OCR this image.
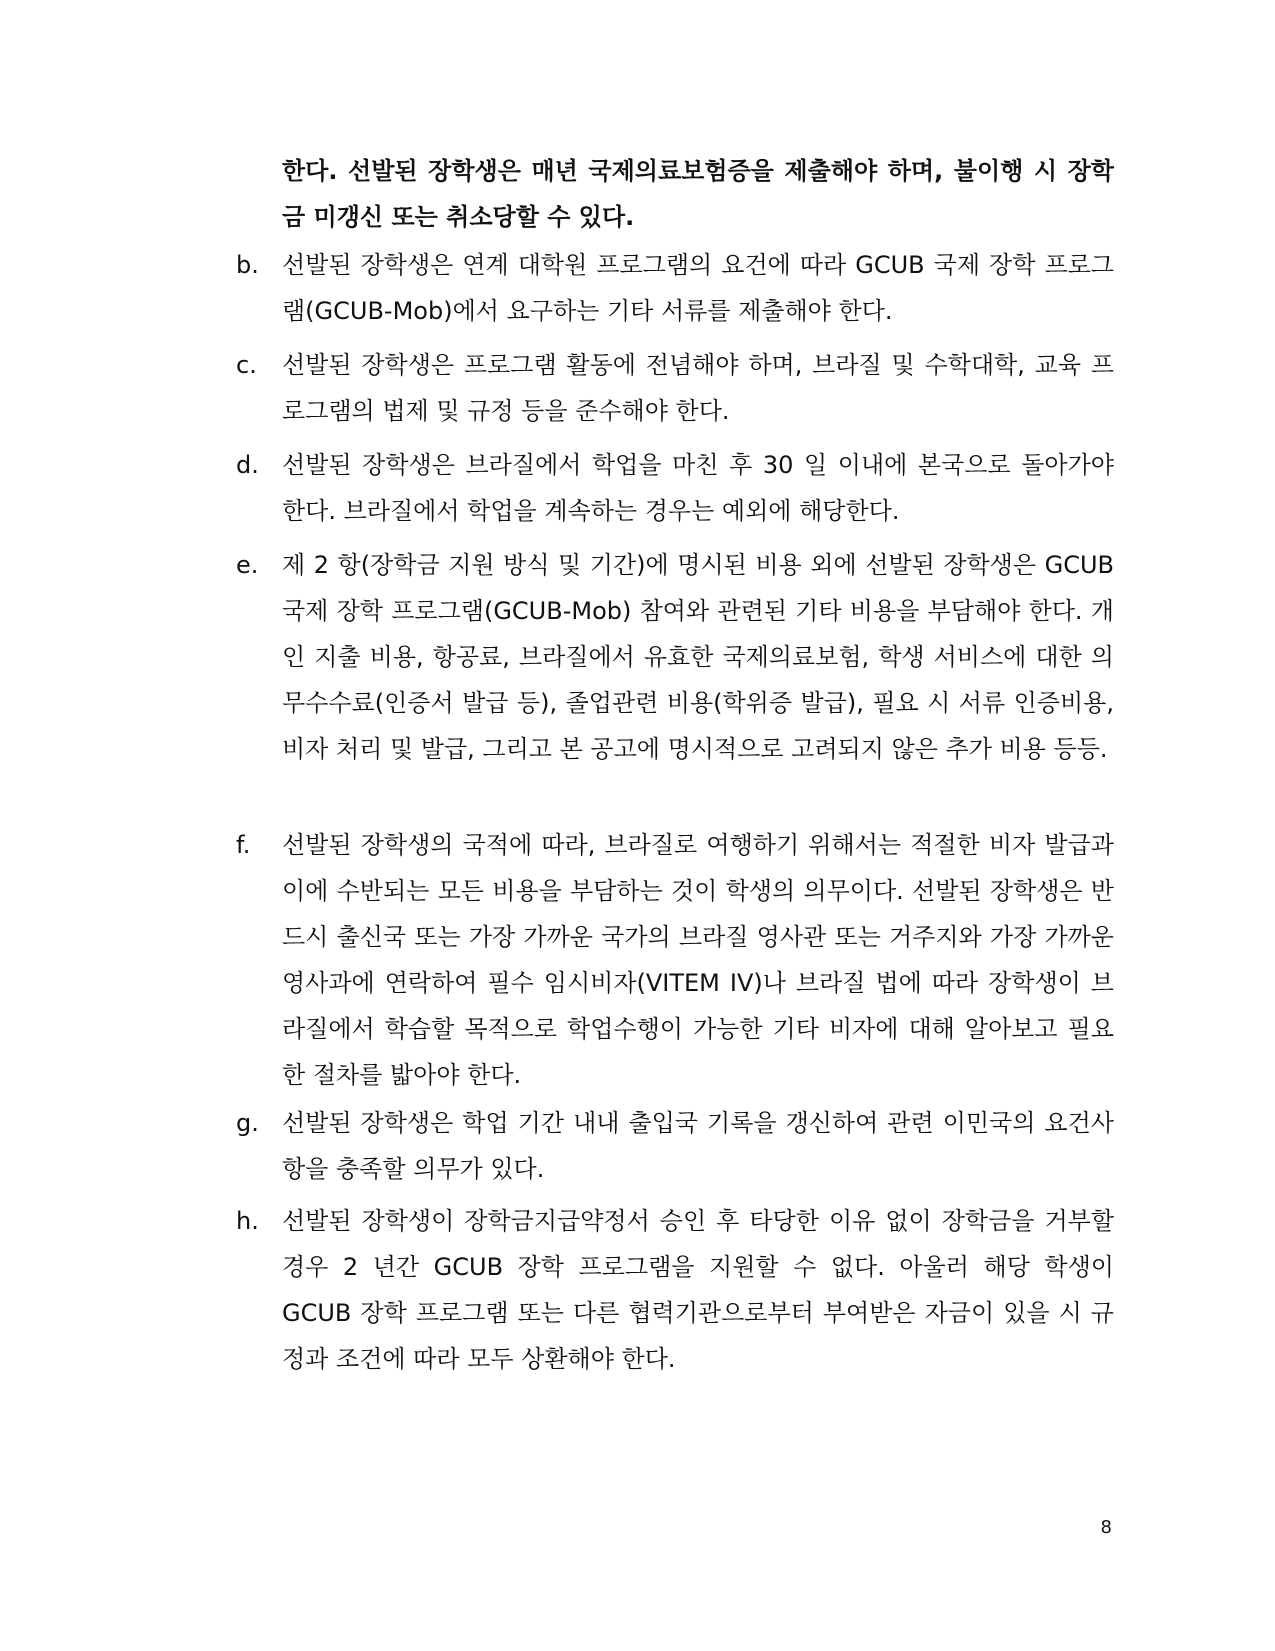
한다. 선발된 장학생은 매년 국제의료보험증을 제출해야 하며, 불이행 시 장학금 미갱신 또는 취소당할 수 있다.
b. 선발된 장학생은 연계 대학원 프로그램의 요건에 따라 GCUB 국제 장학 프로그램(GCUB-Mob)에서 요구하는 기타 서류를 제출해야 한다.
c.	선발된 장학생은 프로그램 활동에 전념해야 하며, 브라질 및 수학대학, 교육 프로그램의 법제 및 규정 등을 준수해야 한다.
d. 선발된 장학생은 브라질에서 학업을 마친 후 30 일 이내에 본국으로 돌아가야 한다. 브라질에서 학업을 계속하는 경우는 예외에 해당한다.
e. 제 2 항(장학금 지원 방식 및 기간)에 명시된 비용 외에 선발된 장학생은 GCUB 국제 장학 프로그램(GCUB-Mob) 참여와 관련된 기타 비용을 부담해야 한다. 개인 지출 비용, 항공료, 브라질에서 유효한 국제의료보험, 학생 서비스에 대한 의무수수료(인증서 발급 등), 졸업관련 비용(학위증 발급), 필요 시 서류 인증비용, 비자 처리 및 발급, 그리고 본 공고에 명시적으로 고려되지 않은 추가 비용 등등.
f.	선발된 장학생의 국적에 따라, 브라질로 여행하기 위해서는 적절한 비자 발급과 이에 수반되는 모든 비용을 부담하는 것이 학생의 의무이다. 선발된 장학생은 반드시 출신국 또는 가장 가까운 국가의 브라질 영사관 또는 거주지와 가장 가까운 영사과에 연락하여 필수 임시비자(VITEM IV)나 브라질 법에 따라 장학생이 브라질에서 학습할 목적으로 학업수행이 가능한 기타 비자에 대해 알아보고 필요한 절차를 밟아야 한다.
g. 선발된 장학생은 학업 기간 내내 출입국 기록을 갱신하여 관련 이민국의 요건사항을 충족할 의무가 있다.
h. 선발된 장학생이 장학금지급약정서 승인 후 타당한 이유 없이 장학금을 거부할 경우 2 년간 GCUB 장학 프로그램을 지원할 수 없다. 아울러 해당 학생이 GCUB 장학 프로그램 또는 다른 협력기관으로부터 부여받은 자금이 있을 시 규정과 조건에 따라 모두 상환해야 한다.
8
